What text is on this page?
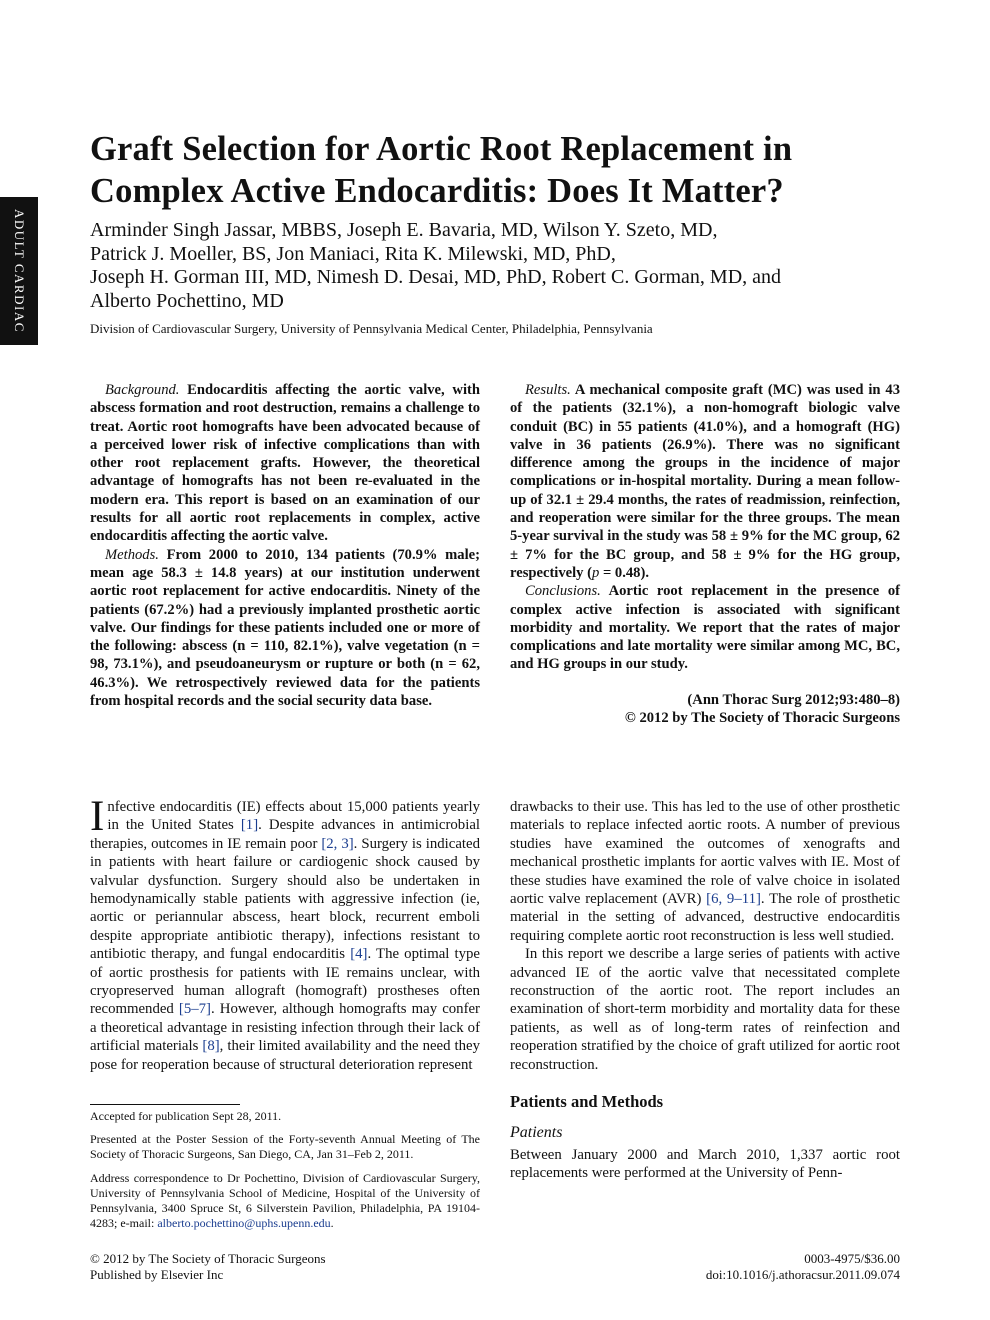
ADULT CARDIAC
Graft Selection for Aortic Root Replacement in
Complex Active Endocarditis: Does It Matter?
Arminder Singh Jassar, MBBS, Joseph E. Bavaria, MD, Wilson Y. Szeto, MD,
Patrick J. Moeller, BS, Jon Maniaci, Rita K. Milewski, MD, PhD,
Joseph H. Gorman III, MD, Nimesh D. Desai, MD, PhD, Robert C. Gorman, MD, and
Alberto Pochettino, MD
Division of Cardiovascular Surgery, University of Pennsylvania Medical Center, Philadelphia, Pennsylvania

Background. Endocarditis affecting the aortic valve, with abscess formation and root destruction, remains a challenge to treat. Aortic root homografts have been advocated because of a perceived lower risk of infective complications than with other root replacement grafts. However, the theoretical advantage of homografts has not been re-evaluated in the modern era. This report is based on an examination of our results for all aortic root replacements in complex, active endocarditis affecting the aortic valve.

Methods. From 2000 to 2010, 134 patients (70.9% male; mean age 58.3 ± 14.8 years) at our institution underwent aortic root replacement for active endocarditis. Ninety of the patients (67.2%) had a previously implanted prosthetic aortic valve. Our findings for these patients included one or more of the following: abscess (n = 110, 82.1%), valve vegetation (n = 98, 73.1%), and pseudoaneurysm or rupture or both (n = 62, 46.3%). We retrospectively reviewed data for the patients from hospital records and the social security data base.

Results. A mechanical composite graft (MC) was used in 43 of the patients (32.1%), a non-homograft biologic valve conduit (BC) in 55 patients (41.0%), and a homograft (HG) valve in 36 patients (26.9%). There was no significant difference among the groups in the incidence of major complications or in-hospital mortality. During a mean follow-up of 32.1 ± 29.4 months, the rates of readmission, reinfection, and reoperation were similar for the three groups. The mean 5-year survival in the study was 58 ± 9% for the MC group, 62 ± 7% for the BC group, and 58 ± 9% for the HG group, respectively (p = 0.48).

Conclusions. Aortic root replacement in the presence of complex active infection is associated with significant morbidity and mortality. We report that the rates of major complications and late mortality were similar among MC, BC, and HG groups in our study.

(Ann Thorac Surg 2012;93:480–8)
© 2012 by The Society of Thoracic Surgeons

Infective endocarditis (IE) effects about 15,000 patients yearly in the United States [1]. Despite advances in antimicrobial therapies, outcomes in IE remain poor [2, 3]. Surgery is indicated in patients with heart failure or cardiogenic shock caused by valvular dysfunction. Surgery should also be undertaken in hemodynamically stable patients with aggressive infection (ie, aortic or periannular abscess, heart block, recurrent emboli despite appropriate antibiotic therapy), infections resistant to antibiotic therapy, and fungal endocarditis [4]. The optimal type of aortic prosthesis for patients with IE remains unclear, with cryopreserved human allograft (homograft) prostheses often recommended [5–7]. However, although homografts may confer a theoretical advantage in resisting infection through their lack of artificial materials [8], their limited availability and the need they pose for reoperation because of structural deterioration represent

drawbacks to their use. This has led to the use of other prosthetic materials to replace infected aortic roots. A number of previous studies have examined the outcomes of xenografts and mechanical prosthetic implants for aortic valves with IE. Most of these studies have examined the role of valve choice in isolated aortic valve replacement (AVR) [6, 9–11]. The role of prosthetic material in the setting of advanced, destructive endocarditis requiring complete aortic root reconstruction is less well studied.

In this report we describe a large series of patients with active advanced IE of the aortic valve that necessitated complete reconstruction of the aortic root. The report includes an examination of short-term morbidity and mortality data for these patients, as well as of long-term rates of reinfection and reoperation stratified by the choice of graft utilized for aortic root reconstruction.

Patients and Methods
Patients

Between January 2000 and March 2010, 1,337 aortic root replacements were performed at the University of Penn-

Accepted for publication Sept 28, 2011.

Presented at the Poster Session of the Forty-seventh Annual Meeting of The Society of Thoracic Surgeons, San Diego, CA, Jan 31–Feb 2, 2011.

Address correspondence to Dr Pochettino, Division of Cardiovascular Surgery, University of Pennsylvania School of Medicine, Hospital of the University of Pennsylvania, 3400 Spruce St, 6 Silverstein Pavilion, Philadelphia, PA 19104-4283; e-mail: alberto.pochettino@uphs.upenn.edu.

© 2012 by The Society of Thoracic Surgeons
Published by Elsevier Inc
0003-4975/$36.00
doi:10.1016/j.athoracsur.2011.09.074
